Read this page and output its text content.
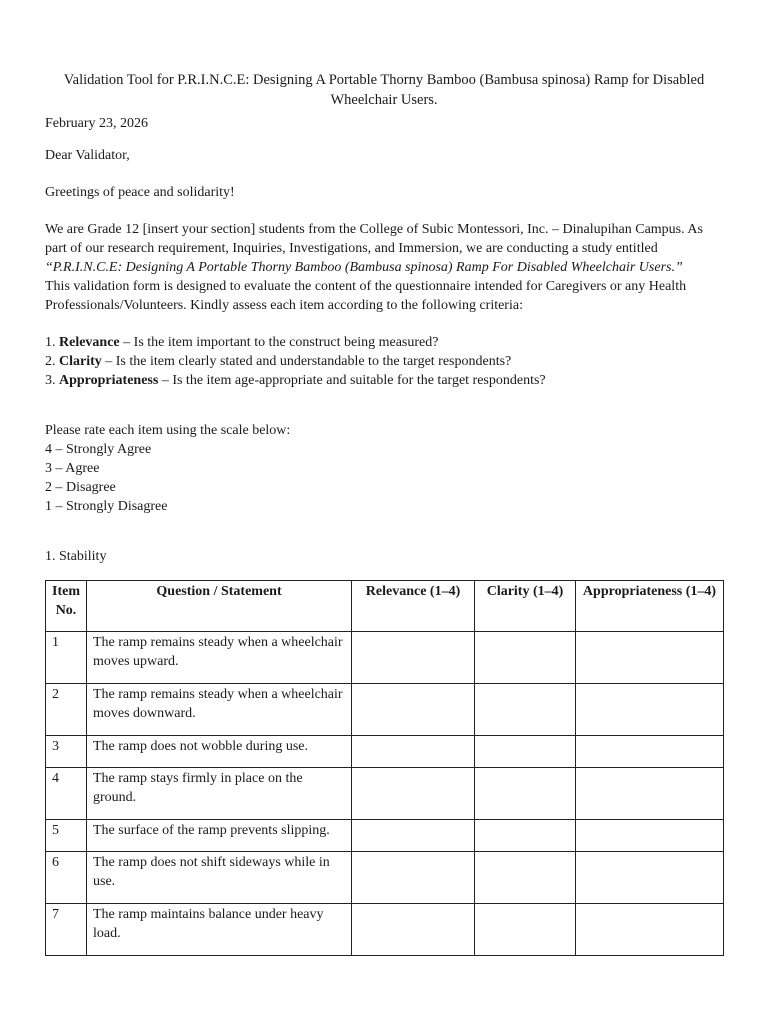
Validation Tool for P.R.I.N.C.E: Designing A Portable Thorny Bamboo (Bambusa spinosa) Ramp for Disabled Wheelchair Users.
February 23, 2026
Dear Validator,
Greetings of peace and solidarity!
We are Grade 12 [insert your section] students from the College of Subic Montessori, Inc. – Dinalupihan Campus. As part of our research requirement, Inquiries, Investigations, and Immersion, we are conducting a study entitled “P.R.I.N.C.E: Designing A Portable Thorny Bamboo (Bambusa spinosa) Ramp For Disabled Wheelchair Users.”
This validation form is designed to evaluate the content of the questionnaire intended for Caregivers or any Health Professionals/Volunteers. Kindly assess each item according to the following criteria:
1. Relevance – Is the item important to the construct being measured?
2. Clarity – Is the item clearly stated and understandable to the target respondents?
3. Appropriateness – Is the item age-appropriate and suitable for the target respondents?
Please rate each item using the scale below:
4 – Strongly Agree
3 – Agree
2 – Disagree
1 – Strongly Disagree
1. Stability
Item No.	Question / Statement	Relevance (1–4)	Clarity (1–4)	Appropriateness (1–4)
1	The ramp remains steady when a wheelchair moves upward.			
2	The ramp remains steady when a wheelchair moves downward.			
3	The ramp does not wobble during use.			
4	The ramp stays firmly in place on the ground.			
5	The surface of the ramp prevents slipping.			
6	The ramp does not shift sideways while in use.			
7	The ramp maintains balance under heavy load.			
